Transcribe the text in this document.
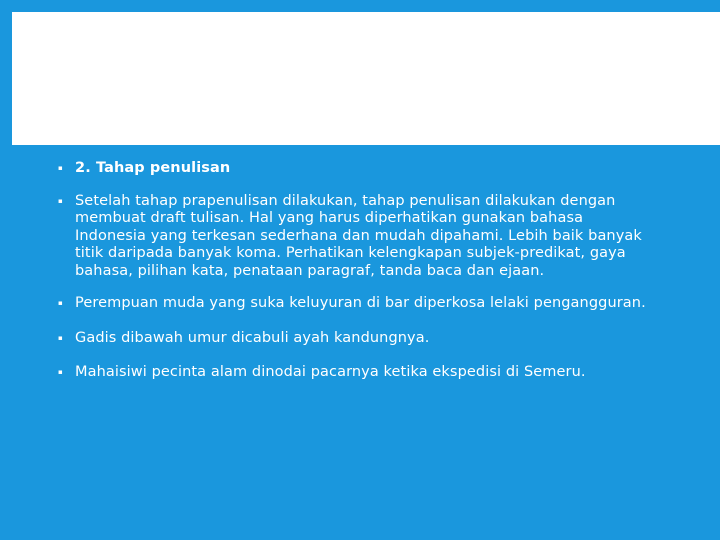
▪ 2. Tahap penulisan
▪ Setelah tahap prapenulisan dilakukan, tahap penulisan dilakukan dengan membuat draft tulisan. Hal yang harus diperhatikan gunakan bahasa Indonesia yang terkesan sederhana dan mudah dipahami. Lebih baik banyak titik daripada banyak koma. Perhatikan kelengkapan subjek-predikat, gaya bahasa, pilihan kata, penataan paragraf, tanda baca dan ejaan.
▪ Perempuan muda yang suka keluyuran di bar diperkosa lelaki pengangguran.
▪ Gadis dibawah umur dicabuli ayah kandungnya.
▪ Mahaisiwi pecinta alam dinodai pacarnya ketika ekspedisi di Semeru.
